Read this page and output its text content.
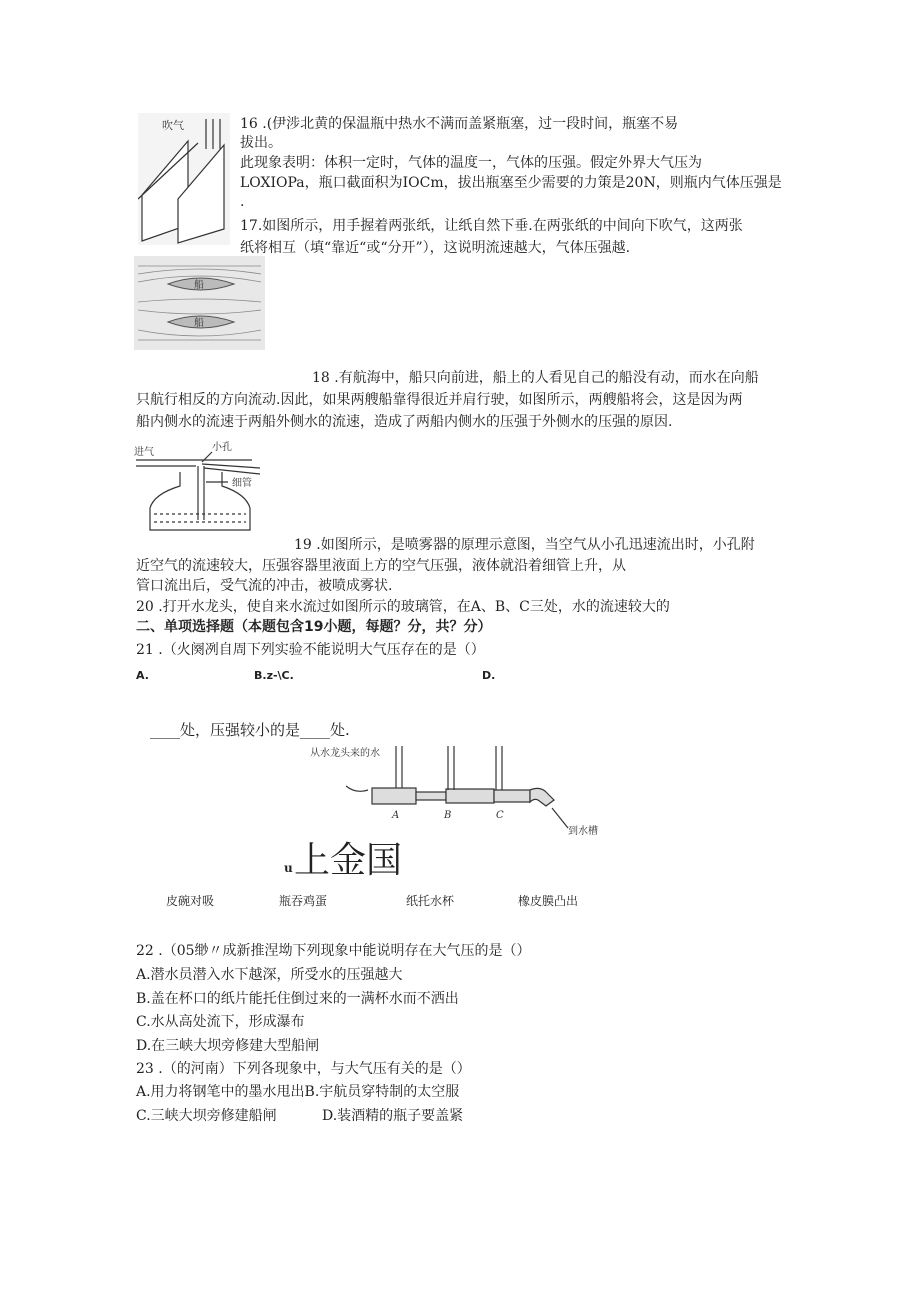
吹气	16 .(伊涉北黄的保温瓶中热水不满而盖紧瓶塞，过一段时间，瓶塞不易
拔出。
此现象表明：体积一定时，气体的温度一，气体的压强。假定外界大气压为
LOXIOPa，瓶口截面积为IOCm，拔出瓶塞至少需要的力策是20N，则瓶内气体压强是
.
17.如图所示，用手握着两张纸，让纸自然下垂.在两张纸的中间向下吹气，这两张
纸将相互（填“靠近“或“分开”），这说明流速越大，气体压强越.
船
船
18 .有航海中，船只向前进，船上的人看见自己的船没有动，而水在向船
只航行相反的方向流动.因此，如果两艘船靠得很近并肩行驶，如图所示，两艘船将会，这是因为两
船内侧水的流速于两船外侧水的流速，造成了两船内侧水的压强于外侧水的压强的原因.
进气	小孔
细管
19 .如图所示，是喷雾器的原理示意图，当空气从小孔迅速流出时，小孔附
近空气的流速较大，压强容器里液面上方的空气压强，液体就沿着细管上升，从
管口流出后，受气流的冲击，被喷成雾状.
20 .打开水龙头，使自来水流过如图所示的玻璃管，在A、B、C三处，水的流速较大的
二、单项选择题（本题包含19小题，每题？分，共？分）
21 .（火阕冽自周下列实验不能说明大气压存在的是（）
A.	B.z-\C.	D.
____处，压强较小的是____处.
从水龙头来的水
A	B	C
到水槽
u 上金国
皮碗对吸	瓶吞鸡蛋	纸托水杯	橡皮膜凸出
22 .（05缈〃成新推涅坳下列现象中能说明存在大气压的是（）
A.潜水员潜入水下越深，所受水的压强越大
B.盖在杯口的纸片能托住倒过来的一满杯水而不洒出
C.水从高处流下，形成瀑布
D.在三峡大坝旁修建大型船闸
23 .（的河南）下列各现象中，与大气压有关的是（）
A.用力将钢笔中的墨水甩出B.宇航员穿特制的太空服
C.三峡大坝旁修建船闸	D.装酒精的瓶子要盖紧
